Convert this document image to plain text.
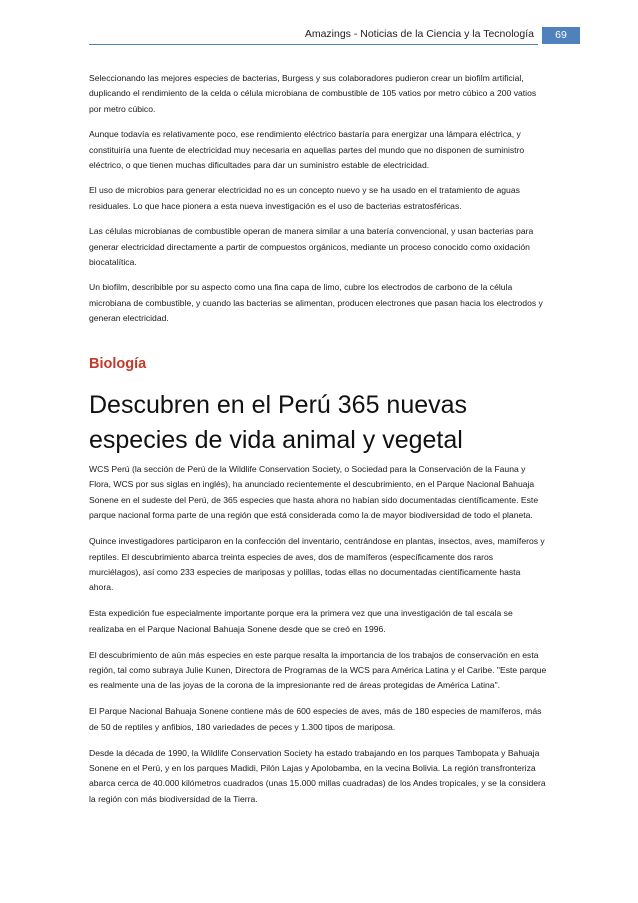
Amazings - Noticias de la Ciencia y la Tecnología	69

Seleccionando las mejores especies de bacterias, Burgess y sus colaboradores pudieron crear un biofilm artificial, duplicando el rendimiento de la celda o célula microbiana de combustible de 105 vatios por metro cúbico a 200 vatios por metro cúbico.

Aunque todavía es relativamente poco, ese rendimiento eléctrico bastaría para energizar una lámpara eléctrica, y constituiría una fuente de electricidad muy necesaria en aquellas partes del mundo que no disponen de suministro eléctrico, o que tienen muchas dificultades para dar un suministro estable de electricidad.

El uso de microbios para generar electricidad no es un concepto nuevo y se ha usado en el tratamiento de aguas residuales. Lo que hace pionera a esta nueva investigación es el uso de bacterias estratosféricas.

Las células microbianas de combustible operan de manera similar a una batería convencional, y usan bacterias para generar electricidad directamente a partir de compuestos orgánicos, mediante un proceso conocido como oxidación biocatalítica.

Un biofilm, describible por su aspecto como una fina capa de limo, cubre los electrodos de carbono de la célula microbiana de combustible, y cuando las bacterias se alimentan, producen electrones que pasan hacia los electrodos y generan electricidad.

Biología
Descubren en el Perú 365 nuevas especies de vida animal y vegetal

WCS Perú (la sección de Perú de la Wildlife Conservation Society, o Sociedad para la Conservación de la Fauna y Flora, WCS por sus siglas en inglés), ha anunciado recientemente el descubrimiento, en el Parque Nacional Bahuaja Sonene en el sudeste del Perú, de 365 especies que hasta ahora no habían sido documentadas científicamente. Este parque nacional forma parte de una región que está considerada como la de mayor biodiversidad de todo el planeta.

Quince investigadores participaron en la confección del inventario, centrándose en plantas, insectos, aves, mamíferos y reptiles. El descubrimiento abarca treinta especies de aves, dos de mamíferos (específicamente dos raros murciélagos), así como 233 especies de mariposas y polillas, todas ellas no documentadas científicamente hasta ahora.

Esta expedición fue especialmente importante porque era la primera vez que una investigación de tal escala se realizaba en el Parque Nacional Bahuaja Sonene desde que se creó en 1996.

El descubrimiento de aún más especies en este parque resalta la importancia de los trabajos de conservación en esta región, tal como subraya Julie Kunen, Directora de Programas de la WCS para América Latina y el Caribe. "Este parque es realmente una de las joyas de la corona de la impresionante red de áreas protegidas de América Latina".

El Parque Nacional Bahuaja Sonene contiene más de 600 especies de aves, más de 180 especies de mamíferos, más de 50 de reptiles y anfibios, 180 variedades de peces y 1.300 tipos de mariposa.

Desde la década de 1990, la Wildlife Conservation Society ha estado trabajando en los parques Tambopata y Bahuaja Sonene en el Perú, y en los parques Madidi, Pilón Lajas y Apolobamba, en la vecina Bolivia. La región transfronteriza abarca cerca de 40.000 kilómetros cuadrados (unas 15.000 millas cuadradas) de los Andes tropicales, y se la considera la región con más biodiversidad de la Tierra.
